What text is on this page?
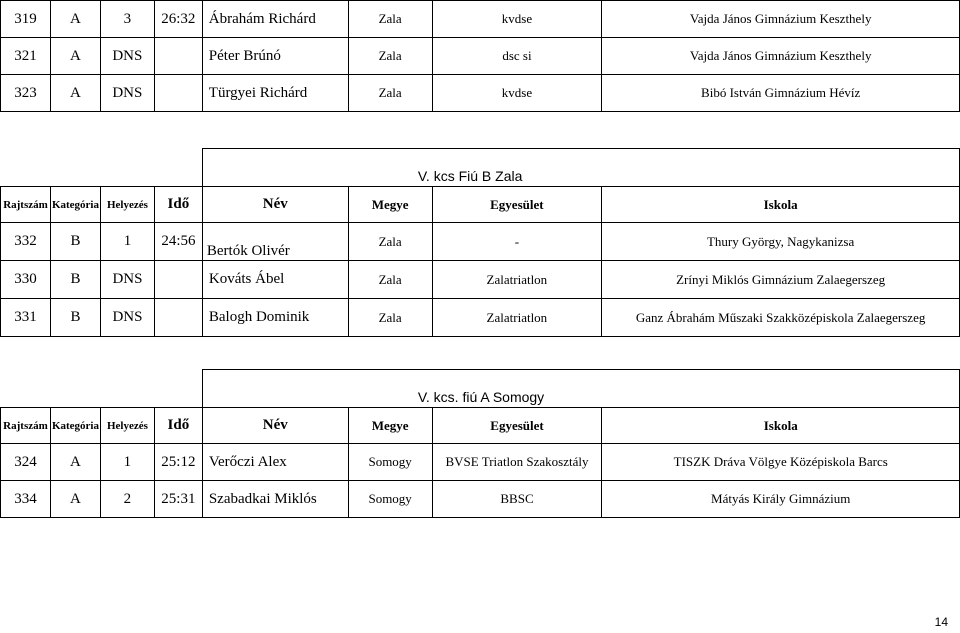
319	A	3	26:32	Ábrahám Richárd	Zala	kvdse	Vajda János Gimnázium Keszthely
321	A	DNS		Péter Brúnó	Zala	dsc si	Vajda János Gimnázium Keszthely
323	A	DNS		Türgyei Richárd	Zala	kvdse	Bibó István Gimnázium Hévíz
				V. kcs Fiú B Zala			
Rajtszám	Kategória	Helyezés	Idő	Név	Megye	Egyesület	Iskola
332	B	1	24:56	Bertók Olivér	Zala	-	Thury György, Nagykanizsa
330	B	DNS		Kováts Ábel	Zala	Zalatriatlon	Zrínyi Miklós Gimnázium Zalaegerszeg
331	B	DNS		Balogh Dominik	Zala	Zalatriatlon	Ganz Ábrahám Műszaki Szakközépiskola Zalaegerszeg
				V. kcs. fiú A Somogy			
Rajtszám	Kategória	Helyezés	Idő	Név	Megye	Egyesület	Iskola
324	A	1	25:12	Verőczi Alex	Somogy	BVSE Triatlon Szakosztály	TISZK Dráva Völgye Középiskola Barcs
334	A	2	25:31	Szabadkai Miklós	Somogy	BBSC	Mátyás Király Gimnázium
14
